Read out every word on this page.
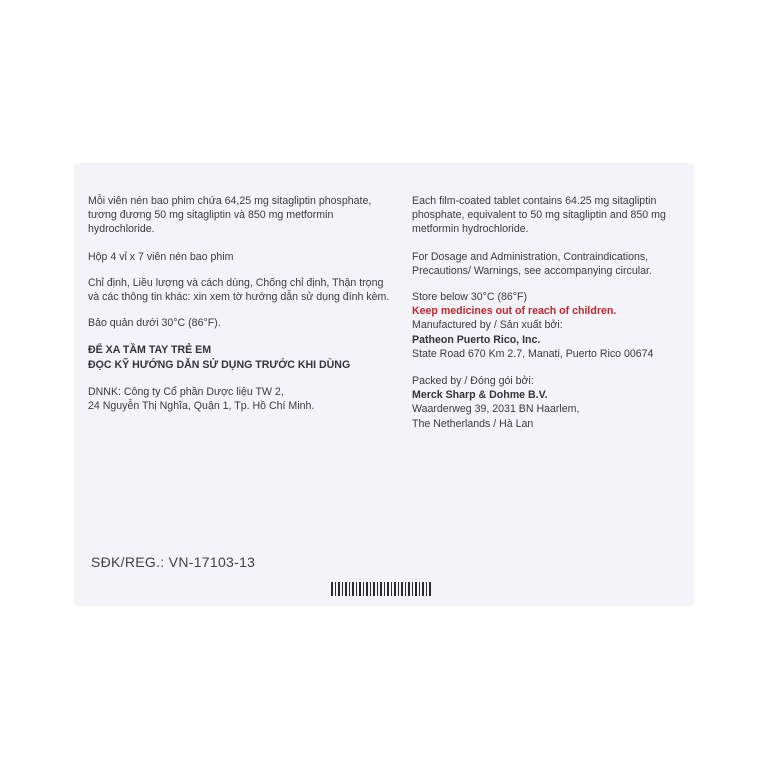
Mỗi viên nén bao phim chứa 64,25 mg sitagliptin phosphate,

tương đương 50 mg sitagliptin và 850 mg metformin

hydrochloride.

Hộp 4 vỉ x 7 viên nén bao phim

Chỉ định, Liều lượng và cách dùng, Chống chỉ định, Thận trọng

và các thông tin khác: xin xem tờ hướng dẫn sử dụng đính kèm.

Bảo quản dưới 30°C (86°F).

ĐỂ XA TẦM TAY TRẺ EM

ĐỌC KỸ HƯỚNG DẪN SỬ DỤNG TRƯỚC KHI DÙNG

DNNK: Công ty Cổ phần Dược liệu TW 2,

24 Nguyễn Thị Nghĩa, Quận 1, Tp. Hồ Chí Minh.

Each film-coated tablet contains 64.25 mg sitagliptin

phosphate, equivalent to 50 mg sitagliptin and 850 mg

metformin hydrochloride.

For Dosage and Administration, Contraindications,

Precautions/ Warnings, see accompanying circular.

Store below 30°C (86°F)

Keep medicines out of reach of children.

Manufactured by / Sản xuất bởi:

Patheon Puerto Rico, Inc.

State Road 670 Km 2.7, Manati, Puerto Rico 00674

Packed by / Đóng gói bởi:

Merck Sharp & Dohme B.V.

Waarderweg 39, 2031 BN Haarlem,

The Netherlands / Hà Lan

SĐK/REG.: VN-17103-13
